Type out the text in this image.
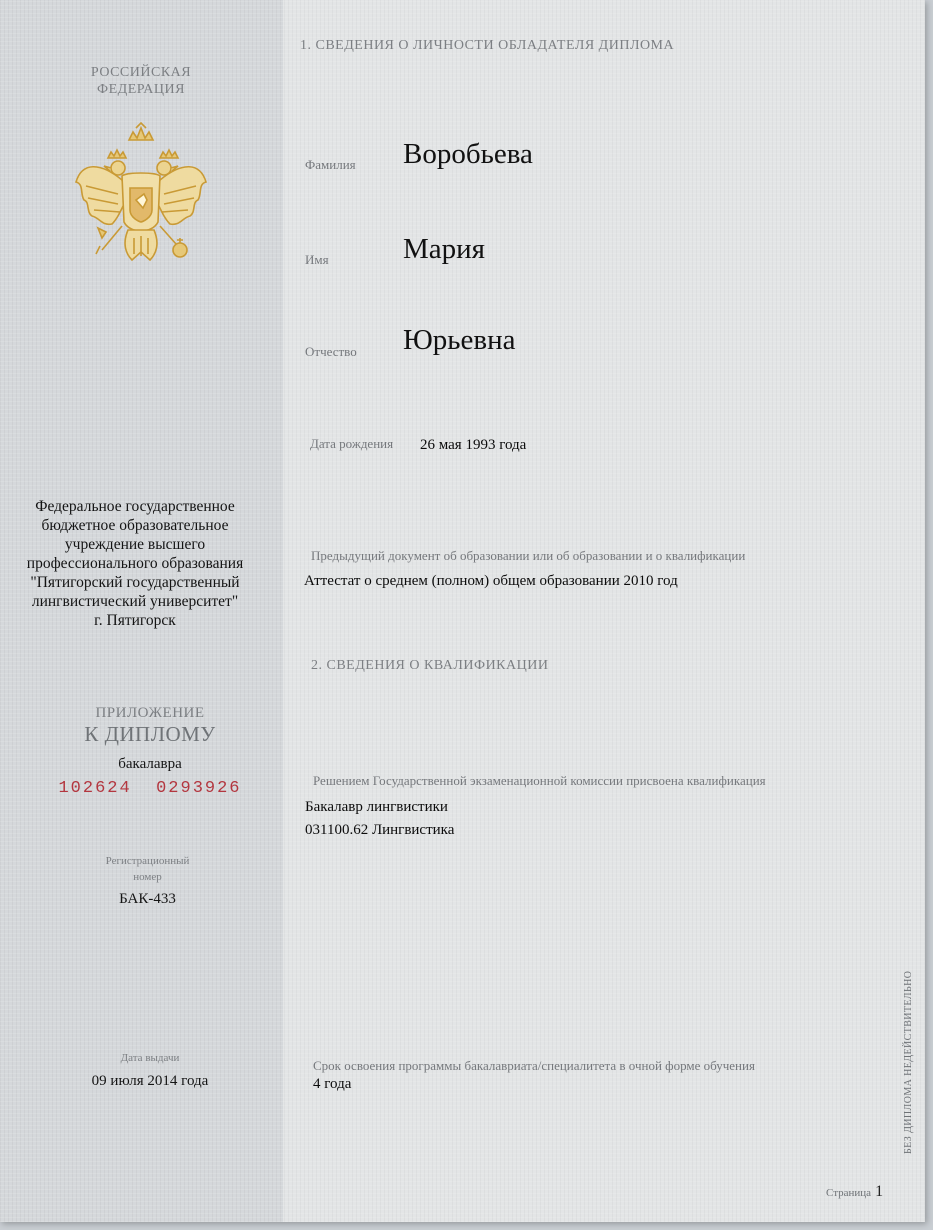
РОССИЙСКАЯ
ФЕДЕРАЦИЯ
Федеральное государственное
бюджетное образовательное
учреждение высшего
профессионального образования
"Пятигорский государственный
лингвистический университет"
г. Пятигорск
ПРИЛОЖЕНИЕ
К ДИПЛОМУ
бакалавра
102624  0293926
Регистрационный
номер
БАК-433
Дата выдачи
09 июля 2014 года
1. СВЕДЕНИЯ О ЛИЧНОСТИ ОБЛАДАТЕЛЯ ДИПЛОМА
Фамилия Воробьева
Имя	Мария
Отчество Юрьевна
Дата рождения 26 мая 1993 года
Предыдущий документ об образовании или об образовании и о квалификации
Аттестат о среднем (полном) общем образовании 2010 год
2. СВЕДЕНИЯ О КВАЛИФИКАЦИИ
Решением Государственной экзаменационной комиссии присвоена квалификация
Бакалавр лингвистики
031100.62 Лингвистика
Срок освоения программы бакалавриата/специалитета в очной форме обучения
4 года	БЕЗ ДИПЛОМА НЕДЕЙСТВИТЕЛЬНО
Страница 1
